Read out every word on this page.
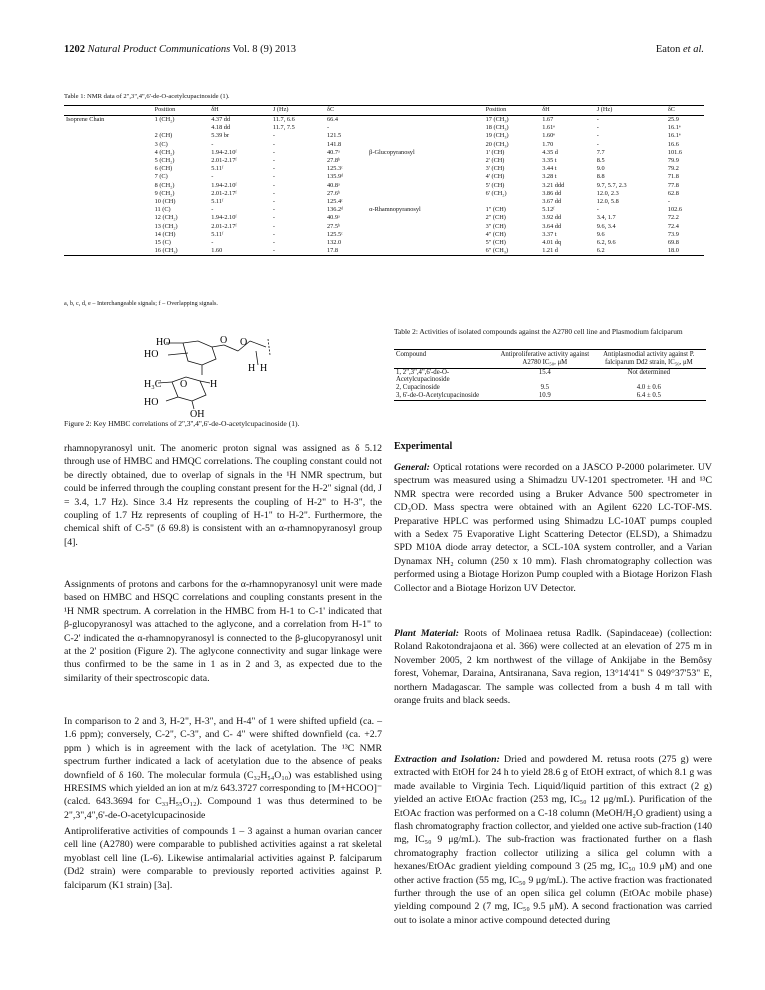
1202 Natural Product Communications Vol. 8 (9) 2013	Eaton et al.
Table 1: NMR data of 2",3",4",6'-de-O-acetylcupacinoside (1).
	Position	δH	J (Hz)	δC		Position	δH	J (Hz)	δC
Isoprene Chain	1 (CH₂)	4.37 dd	11.7, 6.6	66.4		17 (CH₃)	1.67	-	25.9
		4.18 dd	11.7, 7.5	-		18 (CH₃)	1.61ᵉ	-	16.1ᵉ
	2 (CH)	5.39 br	-	121.5		19 (CH₃)	1.60ᵉ	-	16.1ᵉ
	3 (C)	-	-	141.8		20 (CH₃)	1.70	-	16.6
	4 (CH₂)	1.94-2.10ᶠ	-	40.7ᵃ	β-Glucopyranosyl	1' (CH)	4.35 d	7.7	101.6
	5 (CH₂)	2.01-2.17ᶠ	-	27.8ᵇ		2' (CH)	3.35 t	8.5	79.9
	6 (CH)	5.11ᶠ	-	125.3ᶜ		3' (CH)	3.44 t	9.0	79.2
	7 (C)	-	-	135.9ᵈ		4' (CH)	3.28 t	8.8	71.8
	8 (CH₂)	1.94-2.10ᶠ	-	40.8ᵃ		5' (CH)	3.21 ddd	9.7, 5.7, 2.3	77.8
	9 (CH₂)	2.01-2.17ᶠ	-	27.6ᵇ		6' (CH₂)	3.86 dd	12.0, 2.3	62.8
	10 (CH)	5.11ᶠ	-	125.4ᶜ			3.67 dd	12.0, 5.8	-
	11 (C)	-	-	136.2ᵈ	α-Rhamnopyranosyl	1" (CH)	5.12ᶠ	-	102.6
	12 (CH₂)	1.94-2.10ᶠ	-	40.9ᵃ		2" (CH)	3.92 dd	3.4, 1.7	72.2
	13 (CH₂)	2.01-2.17ᶠ	-	27.5ᵇ		3" (CH)	3.64 dd	9.6, 3.4	72.4
	14 (CH)	5.11ᶠ	-	125.5ᶜ		4" (CH)	3.37 t	9.6	73.9
	15 (C)	-	-	132.0		5" (CH)	4.01 dq	6.2, 9.6	69.8
	16 (CH₃)	1.60	-	17.8		6" (CH₃)	1.21 d	6.2	18.0
a, b, c, d, e – Interchangeable signals; f – Overlapping signals.
HO
HO
O O
H H
H₃C O H
HO
OH
Figure 2: Key HMBC correlations of 2'',3'',4'',6'-de-O-acetylcupacinoside (1).
Table 2: Activities of isolated compounds against the A2780 cell line and Plasmodium falciparum
Compound	Antiproliferative activity against A2780 IC₅₀, μM	Antiplasmodial activity against P. falciparum Dd2 strain, IC₅₀, μM
1, 2",3",4",6'-de-O-Acetylcupacinoside	15.4	Not determined
2, Cupacinoside	9.5	4.0 ± 0.6
3, 6'-de-O-Acetylcupacinoside	10.9	6.4 ± 0.5

rhamnopyranosyl unit. The anomeric proton signal was assigned as δ 5.12 through use of HMBC and HMQC correlations. The coupling constant could not be directly obtained, due to overlap of signals in the ¹H NMR spectrum, but could be inferred through the coupling constant present for the H-2" signal (dd, J = 3.4, 1.7 Hz). Since 3.4 Hz represents the coupling of H-2" to H-3", the coupling of 1.7 Hz represents of coupling of H-1" to H-2". Furthermore, the chemical shift of C-5" (δ 69.8) is consistent with an α-rhamnopyranosyl group [4].

Assignments of protons and carbons for the α-rhamnopyranosyl unit were made based on HMBC and HSQC correlations and coupling constants present in the ¹H NMR spectrum. A correlation in the HMBC from H-1 to C-1' indicated that β-glucopyranosyl was attached to the aglycone, and a correlation from H-1" to C-2' indicated the α-rhamnopyranosyl is connected to the β-glucopyranosyl unit at the 2' position (Figure 2). The aglycone connectivity and sugar linkage were thus confirmed to be the same in 1 as in 2 and 3, as expected due to the similarity of their spectroscopic data.

In comparison to 2 and 3, H-2", H-3", and H-4" of 1 were shifted upfield (ca. – 1.6 ppm); conversely, C-2", C-3", and C- 4" were shifted downfield (ca. +2.7 ppm ) which is in agreement with the lack of acetylation. The ¹³C NMR spectrum further indicated a lack of acetylation due to the absence of peaks downfield of δ 160. The molecular formula (C₃₂H₅₄O₁₀) was established using HRESIMS which yielded an ion at m/z 643.3727 corresponding to [M+HCOO]⁻ (calcd. 643.3694 for C₃₃H₅₅O₁₂). Compound 1 was thus determined to be 2",3",4",6'-de-O-acetylcupacinoside

Antiproliferative activities of compounds 1 – 3 against a human ovarian cancer cell line (A2780) were comparable to published activities against a rat skeletal myoblast cell line (L-6). Likewise antimalarial activities against P. falciparum (Dd2 strain) were comparable to previously reported activities against P. falciparum (K1 strain) [3a].

Experimental

General: Optical rotations were recorded on a JASCO P-2000 polarimeter. UV spectrum was measured using a Shimadzu UV-1201 spectrometer. ¹H and ¹³C NMR spectra were recorded using a Bruker Advance 500 spectrometer in CD₃OD. Mass spectra were obtained with an Agilent 6220 LC-TOF-MS. Preparative HPLC was performed using Shimadzu LC-10AT pumps coupled with a Sedex 75 Evaporative Light Scattering Detector (ELSD), a Shimadzu SPD M10A diode array detector, a SCL-10A system controller, and a Varian Dynamax NH₂ column (250 x 10 mm). Flash chromatography collection was performed using a Biotage Horizon Pump coupled with a Biotage Horizon Flash Collector and a Biotage Horizon UV Detector.

Plant Material: Roots of Molinaea retusa Radlk. (Sapindaceae) (collection: Roland Rakotondrajaona et al. 366) were collected at an elevation of 275 m in November 2005, 2 km northwest of the village of Ankijabe in the Bemôsy forest, Vohemar, Daraina, Antsiranana, Sava region, 13°14'41" S 049°37'53" E, northern Madagascar. The sample was collected from a bush 4 m tall with orange fruits and black seeds.

Extraction and Isolation: Dried and powdered M. retusa roots (275 g) were extracted with EtOH for 24 h to yield 28.6 g of EtOH extract, of which 8.1 g was made available to Virginia Tech. Liquid/liquid partition of this extract (2 g) yielded an active EtOAc fraction (253 mg, IC₅₀ 12 μg/mL). Purification of the EtOAc fraction was performed on a C-18 column (MeOH/H₂O gradient) using a flash chromatography fraction collector, and yielded one active sub-fraction (140 mg, IC₅₀ 9 μg/mL). The sub-fraction was fractionated further on a flash chromatography fraction collector utilizing a silica gel column with a hexanes/EtOAc gradient yielding compound 3 (25 mg, IC₅₀ 10.9 μM) and one other active fraction (55 mg, IC₅₀ 9 μg/mL). The active fraction was fractionated further through the use of an open silica gel column (EtOAc mobile phase) yielding compound 2 (7 mg, IC₅₀ 9.5 μM). A second fractionation was carried out to isolate a minor active compound detected during
